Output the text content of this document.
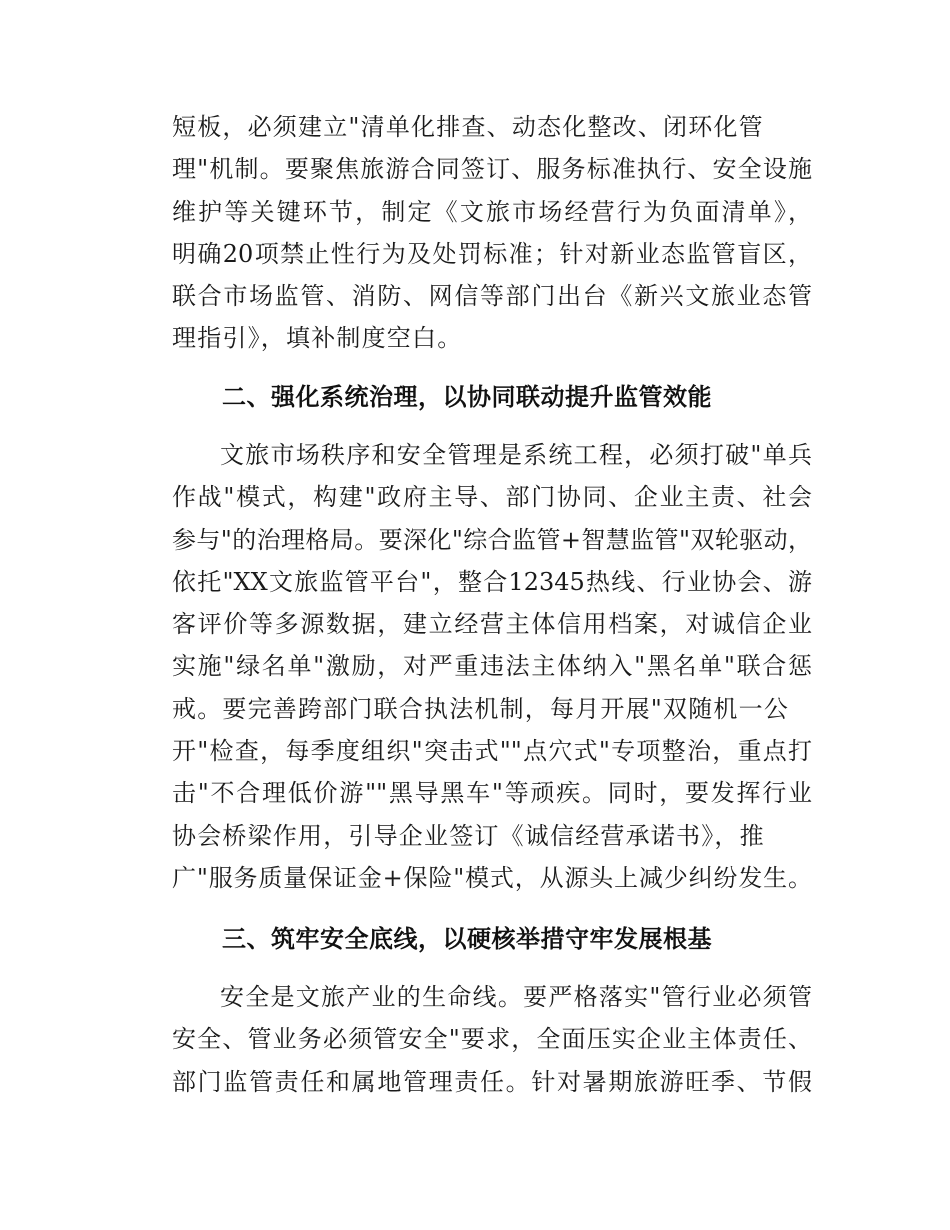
短板，必须建立"清单化排查、动态化整改、闭环化管
理"机制。要聚焦旅游合同签订、服务标准执行、安全设施
维护等关键环节，制定《文旅市场经营行为负面清单》，
明确20项禁止性行为及处罚标准；针对新业态监管盲区，
联合市场监管、消防、网信等部门出台《新兴文旅业态管
理指引》，填补制度空白。
二、强化系统治理，以协同联动提升监管效能
文旅市场秩序和安全管理是系统工程，必须打破"单兵
作战"模式，构建"政府主导、部门协同、企业主责、社会
参与"的治理格局。要深化"综合监管+智慧监管"双轮驱动，
依托"XX文旅监管平台"，整合12345热线、行业协会、游
客评价等多源数据，建立经营主体信用档案，对诚信企业
实施"绿名单"激励，对严重违法主体纳入"黑名单"联合惩
戒。要完善跨部门联合执法机制，每月开展"双随机一公
开"检查，每季度组织"突击式""点穴式"专项整治，重点打
击"不合理低价游""黑导黑车"等顽疾。同时，要发挥行业
协会桥梁作用，引导企业签订《诚信经营承诺书》，推
广"服务质量保证金+保险"模式，从源头上减少纠纷发生。
三、筑牢安全底线，以硬核举措守牢发展根基
安全是文旅产业的生命线。要严格落实"管行业必须管
安全、管业务必须管安全"要求，全面压实企业主体责任、
部门监管责任和属地管理责任。针对暑期旅游旺季、节假
